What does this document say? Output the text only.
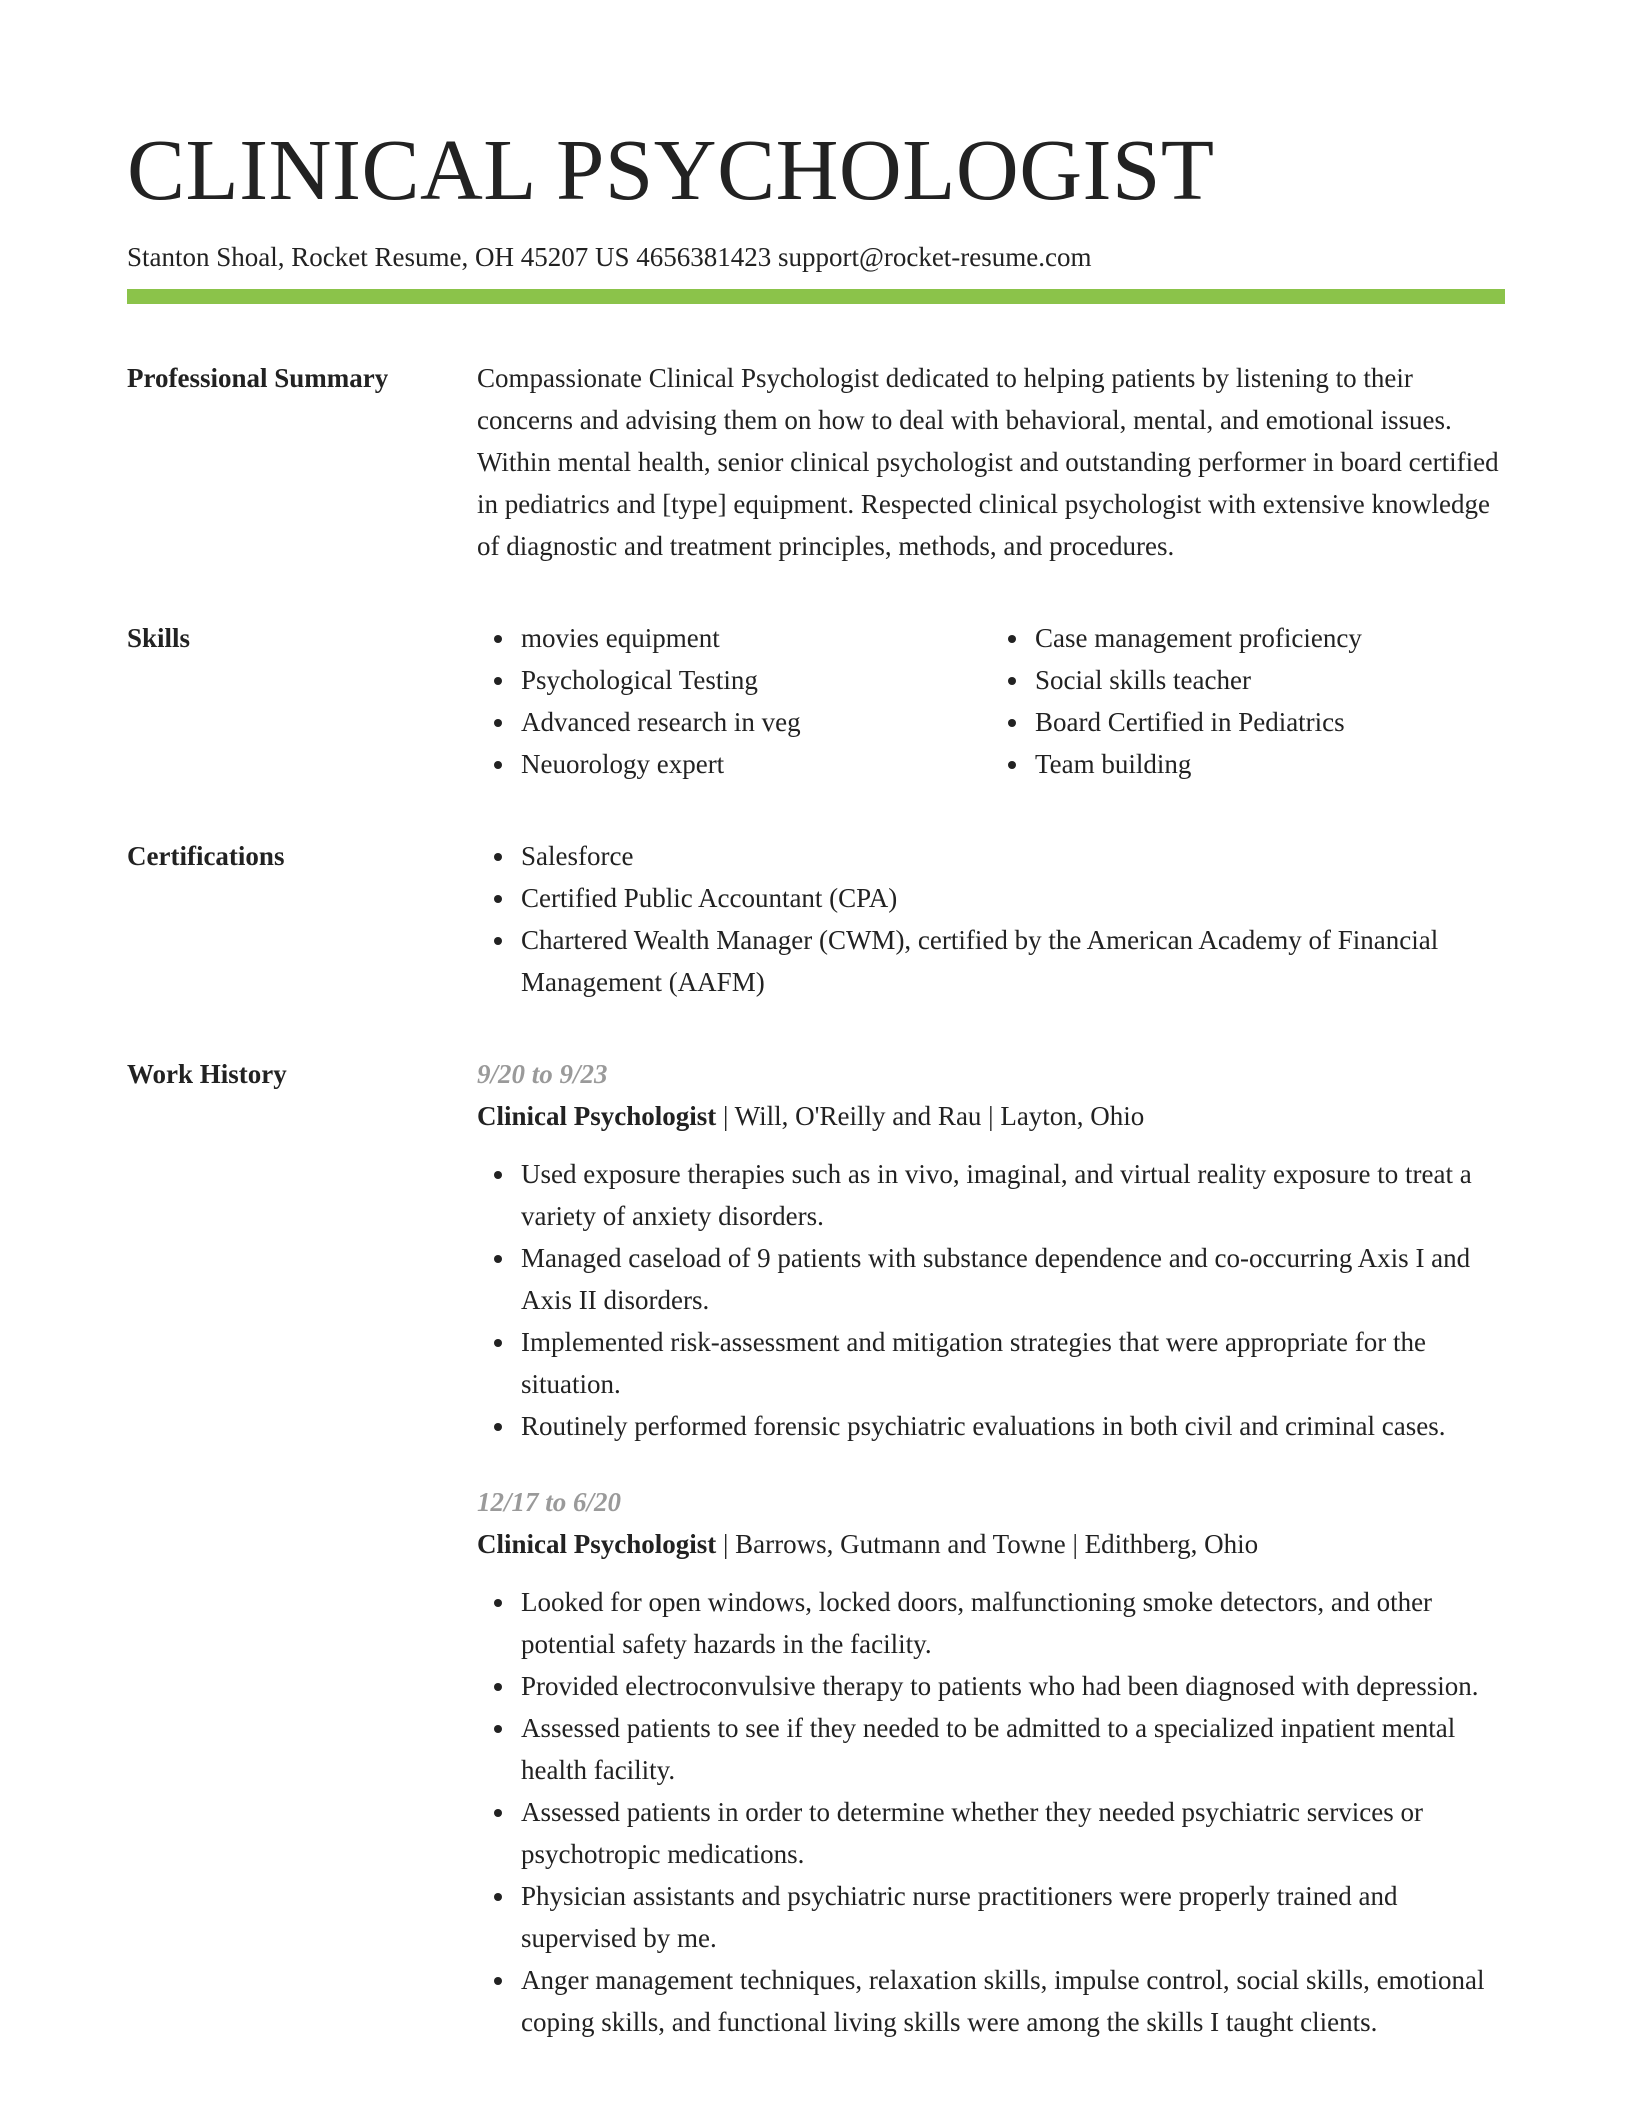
CLINICAL PSYCHOLOGIST
Stanton Shoal, Rocket Resume, OH 45207 US 4656381423 support@rocket-resume.com
Professional Summary	Compassionate Clinical Psychologist dedicated to helping patients by listening to their concerns and advising them on how to deal with behavioral, mental, and emotional issues. Within mental health, senior clinical psychologist and outstanding performer in board certified in pediatrics and [type] equipment. Respected clinical psychologist with extensive knowledge of diagnostic and treatment principles, methods, and procedures.

Skills	movies equipment
Psychological Testing
Advanced research in veg
Neuorology expert
Case management proficiency
Social skills teacher
Board Certified in Pediatrics
Team building
Certifications	Salesforce
Certified Public Accountant (CPA)
Chartered Wealth Manager (CWM), certified by the American Academy of Financial Management (AAFM)
Work History	9/20 to 9/23
Clinical Psychologist | Will, O'Reilly and Rau | Layton, Ohio
Used exposure therapies such as in vivo, imaginal, and virtual reality exposure to treat a variety of anxiety disorders.
Managed caseload of 9 patients with substance dependence and co-occurring Axis I and Axis II disorders.
Implemented risk-assessment and mitigation strategies that were appropriate for the situation.
Routinely performed forensic psychiatric evaluations in both civil and criminal cases.
12/17 to 6/20
Clinical Psychologist | Barrows, Gutmann and Towne | Edithberg, Ohio
Looked for open windows, locked doors, malfunctioning smoke detectors, and other potential safety hazards in the facility.
Provided electroconvulsive therapy to patients who had been diagnosed with depression.
Assessed patients to see if they needed to be admitted to a specialized inpatient mental health facility.
Assessed patients in order to determine whether they needed psychiatric services or psychotropic medications.
Physician assistants and psychiatric nurse practitioners were properly trained and supervised by me.
Anger management techniques, relaxation skills, impulse control, social skills, emotional coping skills, and functional living skills were among the skills I taught clients.
